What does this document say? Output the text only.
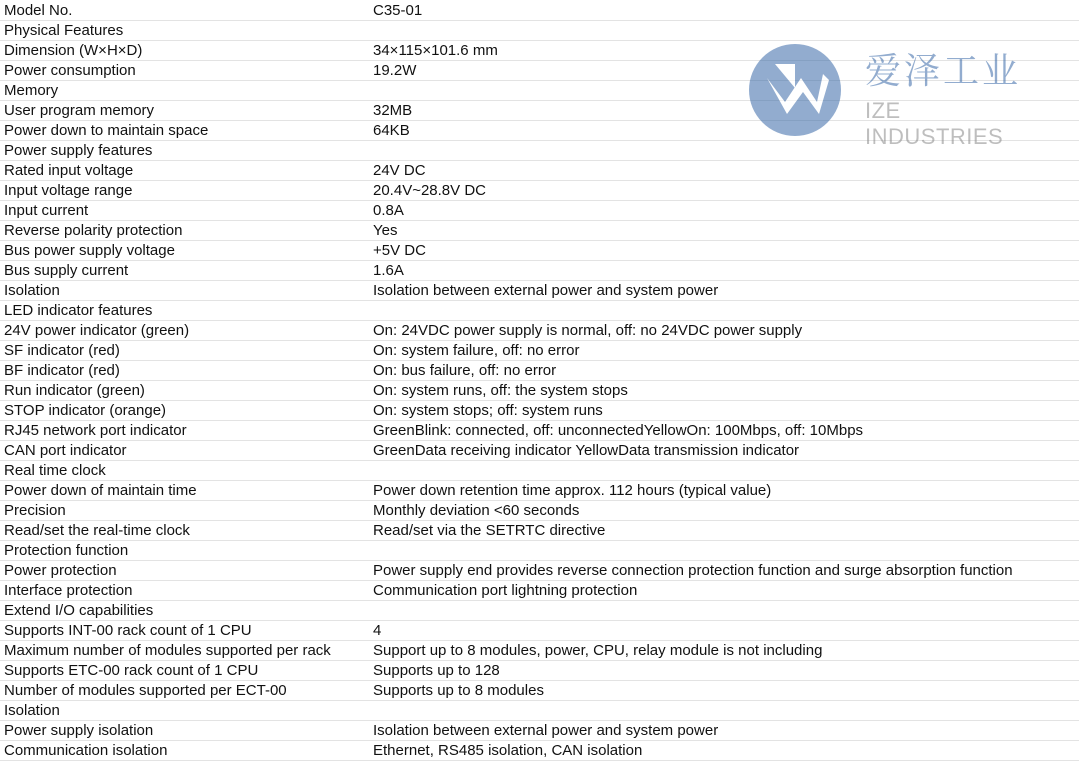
Model No.	C35-01
Physical Features	
Dimension (W×H×D)	34×115×101.6 mm
Power consumption	19.2W
Memory	
User program memory	32MB
Power down to maintain space	64KB
Power supply features	
Rated input voltage	24V DC
Input voltage range	20.4V~28.8V DC
Input current	0.8A
Reverse polarity protection	Yes
Bus power supply voltage	+5V DC
Bus supply current	1.6A
Isolation	Isolation between external power and system power
LED indicator features	
24V power indicator (green)	On: 24VDC power supply is normal, off: no 24VDC power supply
SF indicator (red)	On: system failure, off: no error
BF indicator (red)	On: bus failure, off: no error
Run indicator (green)	On: system runs, off: the system stops
STOP indicator (orange)	On: system stops; off: system runs
RJ45 network port indicator	GreenBlink: connected, off: unconnectedYellowOn: 100Mbps, off: 10Mbps
CAN port indicator	GreenData receiving indicator YellowData transmission indicator
Real time clock	
Power down of maintain time	Power down retention time approx. 112 hours (typical value)
Precision	Monthly deviation <60 seconds
Read/set the real-time clock	Read/set via the SETRTC directive
Protection function	
Power protection	Power supply end provides reverse connection protection function and surge absorption function
Interface protection	Communication port lightning protection
Extend I/O capabilities	
Supports INT-00 rack count of 1 CPU	4
Maximum number of modules supported per rack	Support up to 8 modules, power, CPU, relay module is not including
Supports ETC-00 rack count of 1 CPU	Supports up to 128
Number of modules supported per ECT-00	Supports up to 8 modules
Isolation	
Power supply isolation	Isolation between external power and system power
Communication isolation	Ethernet, RS485 isolation, CAN isolation
爱泽工业
IZE INDUSTRIES
